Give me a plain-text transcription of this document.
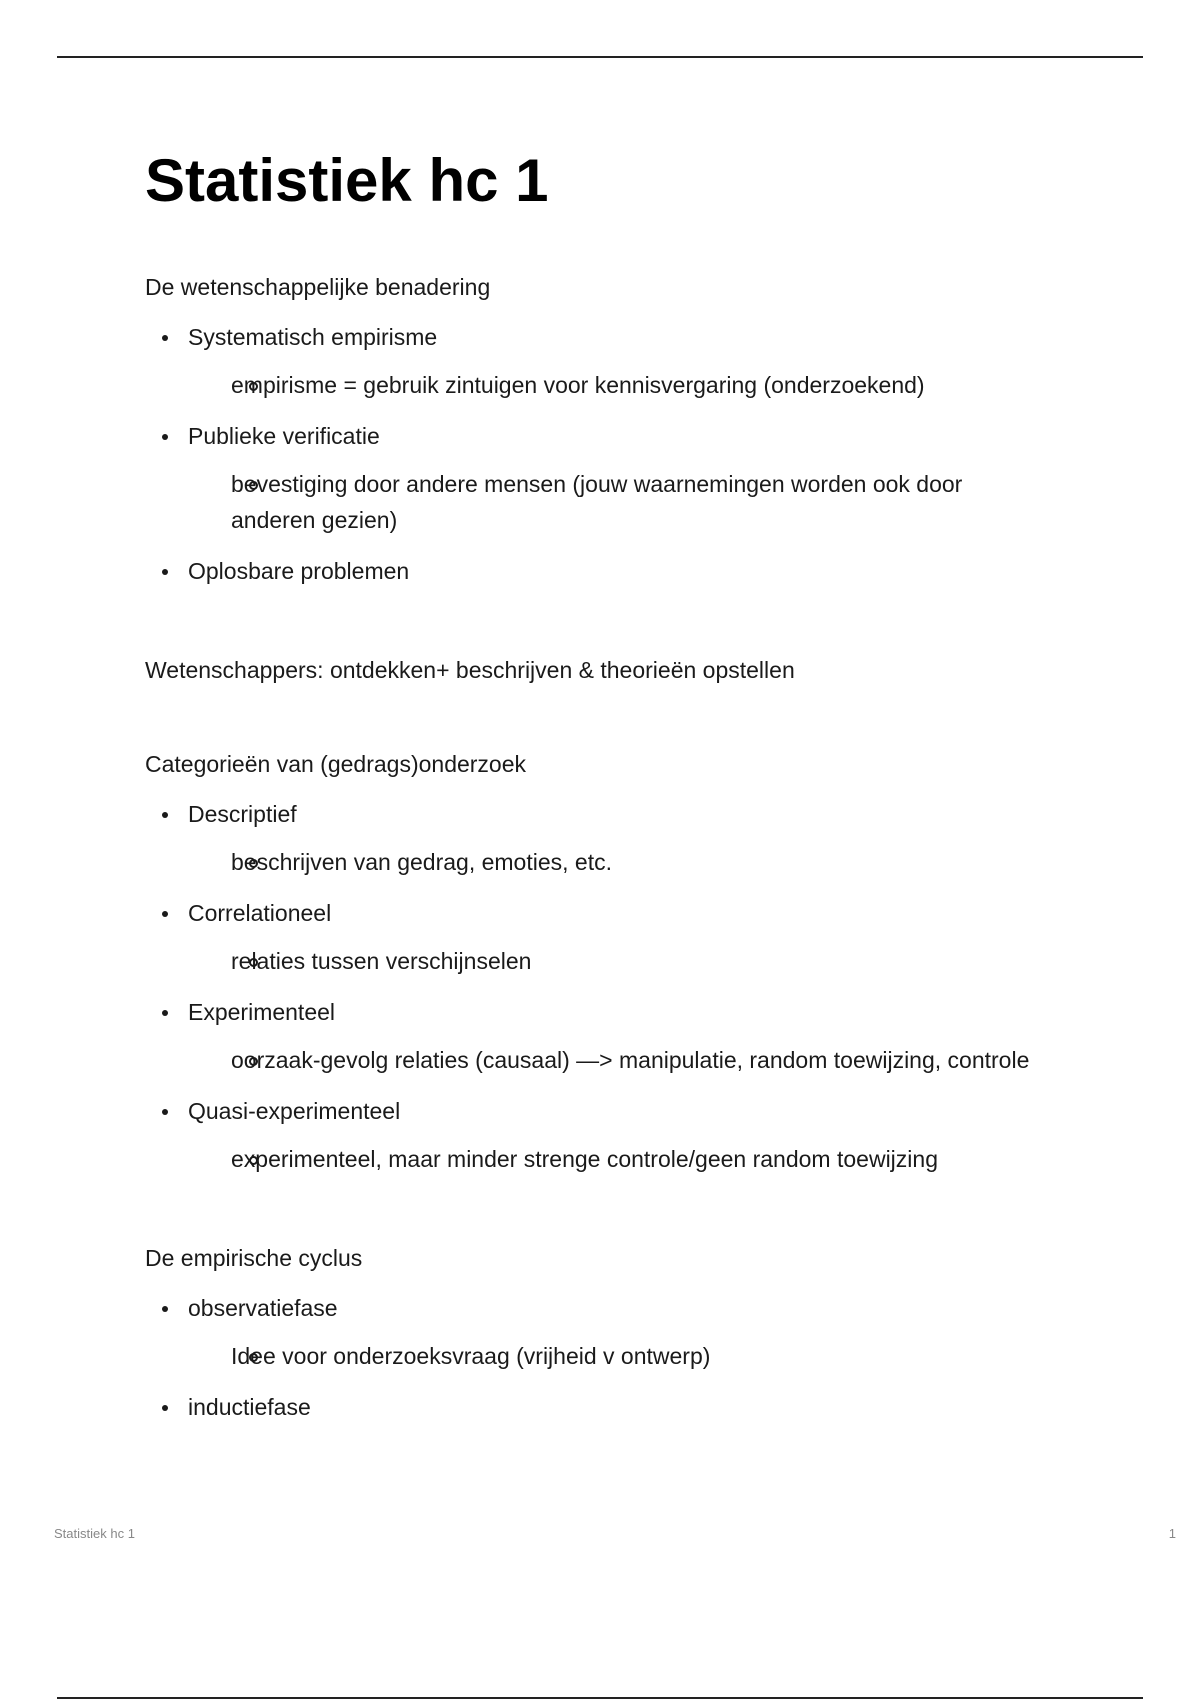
Statistiek hc 1

De wetenschappelijke benadering

Systematisch empirisme
empirisme = gebruik zintuigen voor kennisvergaring (onderzoekend)
Publieke verificatie
bevestiging door andere mensen (jouw waarnemingen worden ook door anderen gezien)
Oplosbare problemen

Wetenschappers: ontdekken+ beschrijven & theorieën opstellen

Categorieën van (gedrags)onderzoek

Descriptief
beschrijven van gedrag, emoties, etc.
Correlationeel
relaties tussen verschijnselen
Experimenteel
oorzaak-gevolg relaties (causaal) —> manipulatie, random toewijzing, controle
Quasi-experimenteel
experimenteel, maar minder strenge controle/geen random toewijzing

De empirische cyclus

observatiefase
Idee voor onderzoeksvraag (vrijheid v ontwerp)
inductiefase
Statistiek hc 1	1
